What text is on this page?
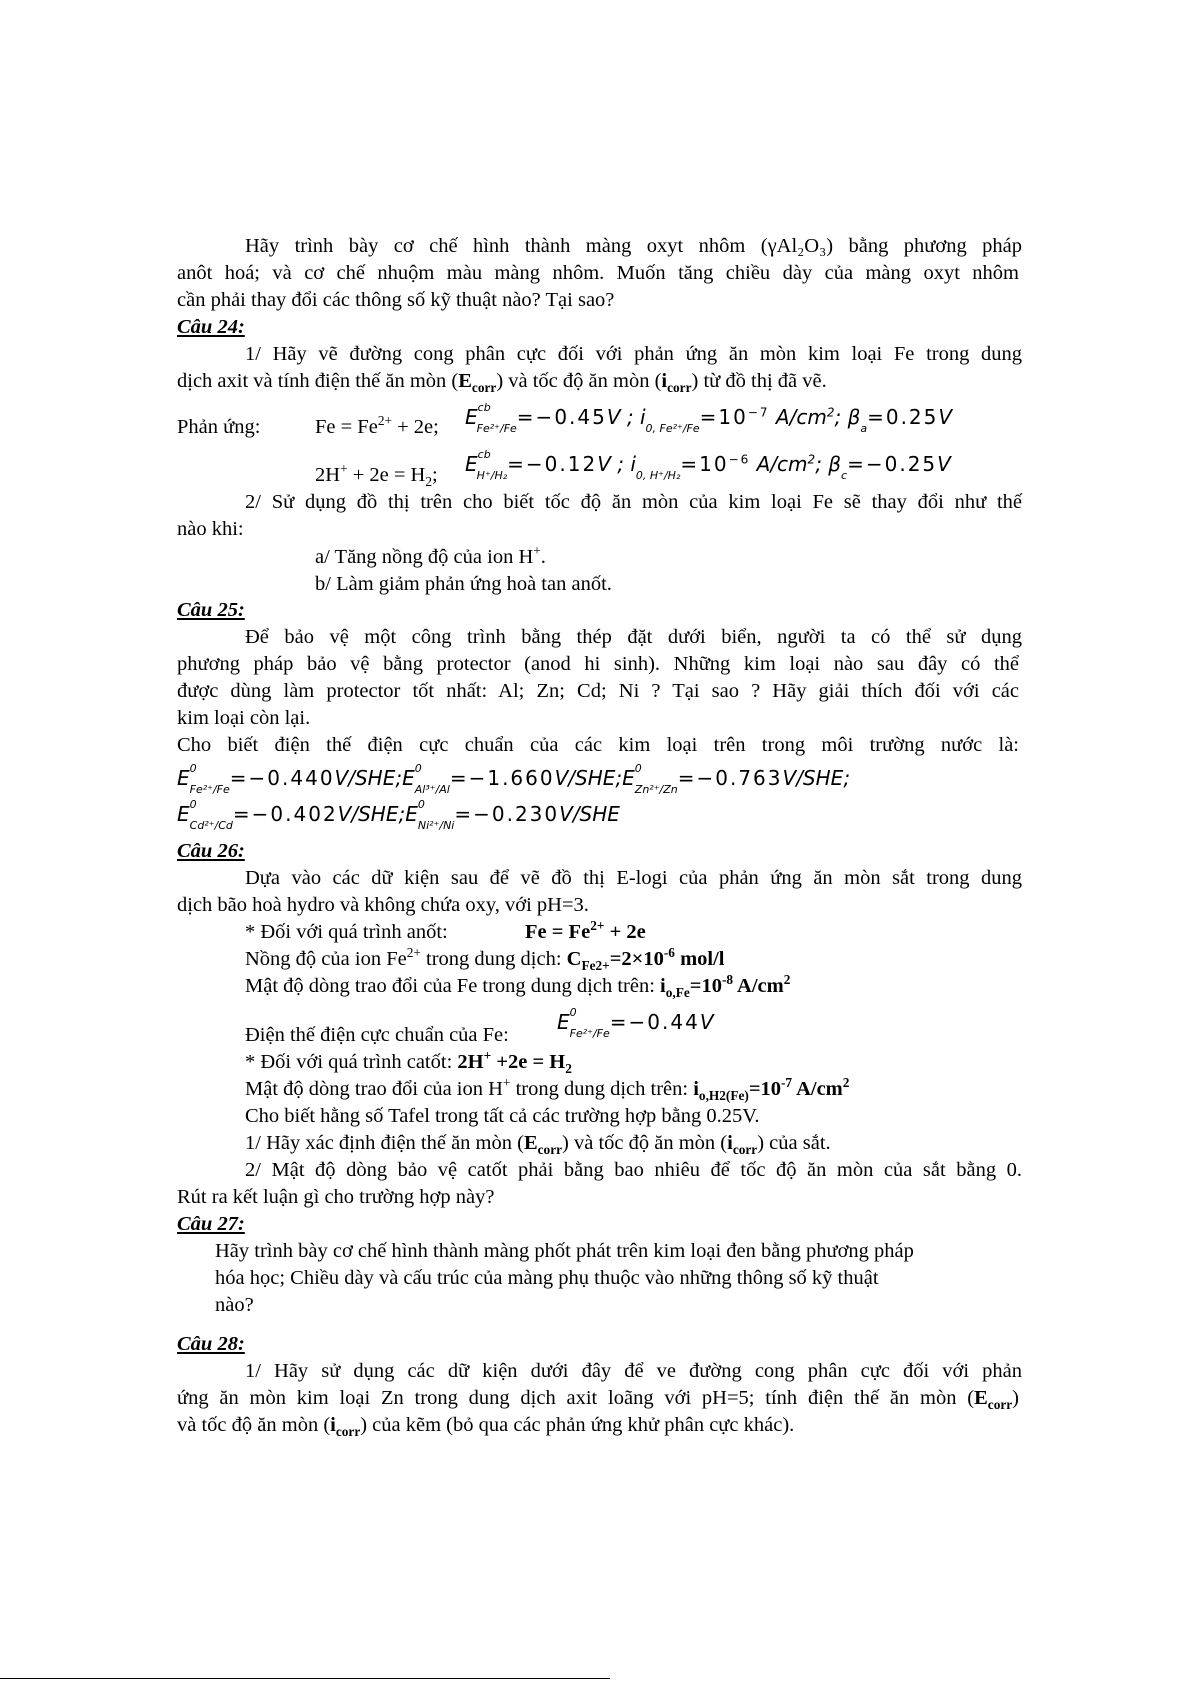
Hãy trình bày cơ chế hình thành màng oxyt nhôm (γAl₂O₃) bằng phương pháp
anôt hoá; và cơ chế nhuộm màu màng nhôm. Muốn tăng chiều dày của màng oxyt nhôm
cần phải thay đổi các thông số kỹ thuật nào? Tại sao?
Câu 24:
1/ Hãy vẽ đường cong phân cực đối với phản ứng ăn mòn kim loại Fe trong dung
dịch axit và tính điện thế ăn mòn $(E_{corr})$ và tốc độ ăn mòn $(i_{corr})$ từ đồ thị đã vẽ.
Phản ứng:	$Fe = Fe^{2+} + 2e$; $E^{cb}_{Fe^{2+}/Fe}=-0.45V$ ; $i_{0, Fe^{2+}/Fe}=10^{-7}$ $A/cm^2$; $\beta_a=0.25V$
$E^{cb}_{H^+/H_2}=-0.12V$ ; $i_{0, H^+/H_2}=10^{-6}$ $A/cm^2$; $\beta_c=-0.25V$
$2H^+ + 2e = H_2$;
2/ Sử dụng đồ thị trên cho biết tốc độ ăn mòn của kim loại Fe sẽ thay đổi như thế
nào khi:
a/ Tăng nồng độ của ion H+.
b/ Làm giảm phản ứng hoà tan anốt.
Câu 25:
Để bảo vệ một công trình bằng thép đặt dưới biển, người ta có thể sử dụng
phương pháp bảo vệ bằng protector (anod hi sinh). Những kim loại nào sau đây có thể
được dùng làm protector tốt nhất: Al; Zn; Cd; Ni ? Tại sao ? Hãy giải thích đối với các
kim loại còn lại.
Cho biết điện thế điện cực chuẩn của các kim loại trên trong môi trường nước là:
$E^0_{Fe^{2+}/Fe}=-0.440V/SHE;E^0_{Al^{3+}/Al}=-1.660V/SHE;E^0_{Zn^{2+}/Zn}=-0.763V$/SHE;
$E^0_{Cd^{2+}/Cd}=-0.402V/SHE;E^0_{Ni^{2+}/Ni}=-0.230V$/SHE
Câu 26:
Dựa vào các dữ kiện sau để vẽ đồ thị E-logi của phản ứng ăn mòn sắt trong dung
dịch bão hoà hydro và không chứa oxy, với pH=3.
* Đối với quá trình anốt:	$Fe = Fe^{2+} + 2e$
Nồng độ của ion $Fe^{2+}$ trong dung dịch: $C_{Fe2+}=2\times 10^{-6}$ mol/l
Mật độ dòng trao đổi của Fe trong dung dịch trên: $i_{o,Fe}=10^{-8}$ $A/cm^2$
Điện thế điện cực chuẩn của Fe:
$E^0_{Fe^{2+}/Fe}=-0.44V$
* Đối với quá trình catốt: $2H^+ +2e = H_2$
Mật độ dòng trao đổi của ion H+ trong dung dịch trên: $i_{o,H2(Fe)}=10^{-7}$ $A/cm^2$
Cho biết hằng số Tafel trong tất cả các trường hợp bằng 0.25V.
1/ Hãy xác định điện thế ăn mòn $(E_{corr})$ và tốc độ ăn mòn $(i_{corr})$ của sắt.
2/ Mật độ dòng bảo vệ catốt phải bằng bao nhiêu để tốc độ ăn mòn của sắt bằng 0.
Rút ra kết luận gì cho trường hợp này?
Câu 27:
Hãy trình bày cơ chế hình thành màng phốt phát trên kim loại đen bằng phương pháp
hóa học; Chiều dày và cấu trúc của màng phụ thuộc vào những thông số kỹ thuật
nào?
Câu 28:
1/ Hãy sử dụng các dữ kiện dưới đây để ve đường cong phân cực đối với phản
ứng ăn mòn kim loại Zn trong dung dịch axit loãng với pH=5; tính điện thế ăn mòn $(E_{corr})$
và tốc độ ăn mòn $(i_{corr})$ của kẽm (bỏ qua các phản ứng khử phân cực khác).
